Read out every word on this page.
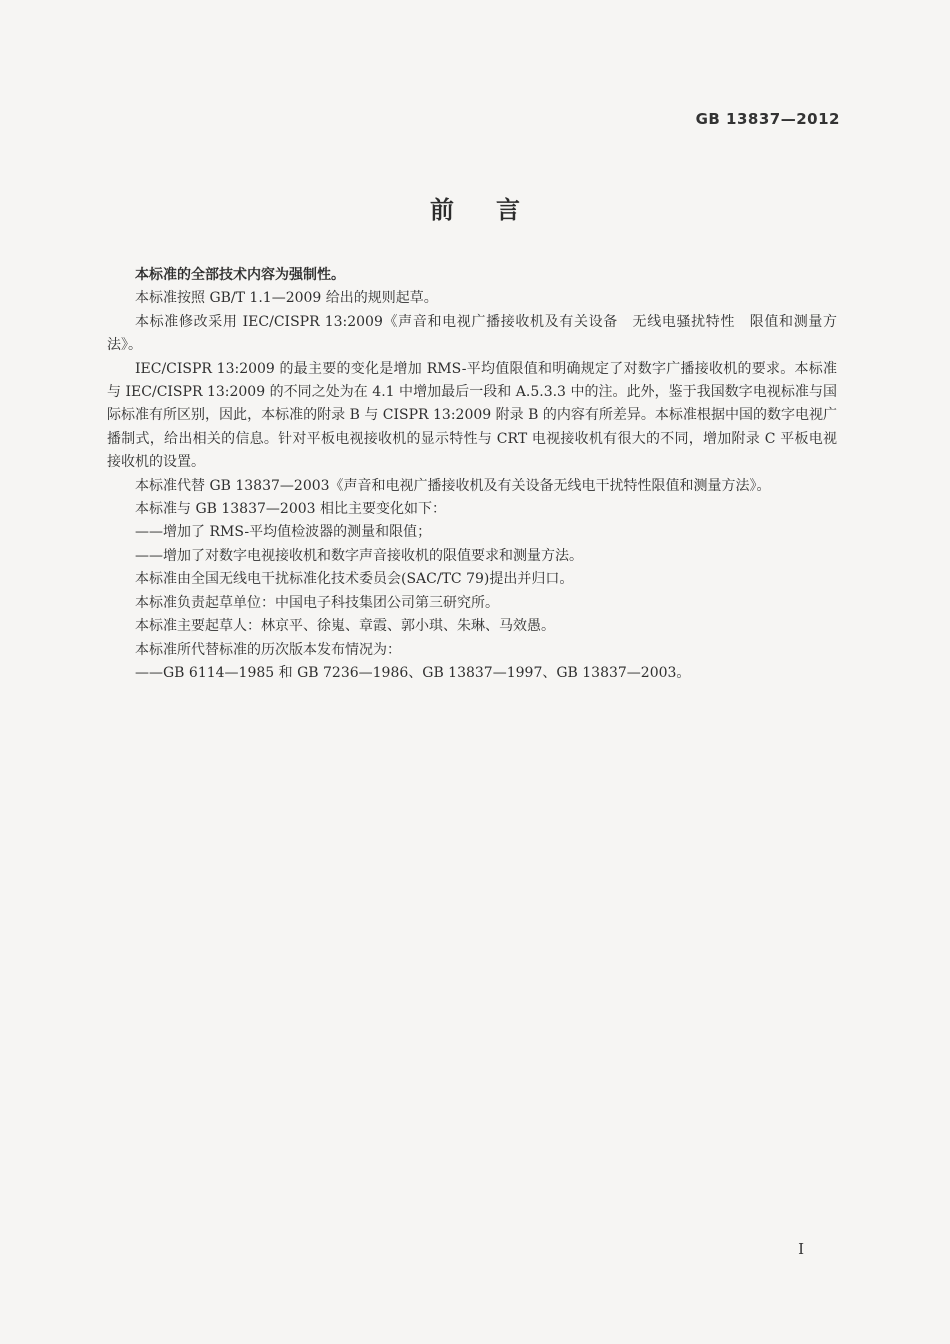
GB 13837—2012
前言

本标准的全部技术内容为强制性。

本标准按照 GB/T 1.1—2009 给出的规则起草。

本标准修改采用 IEC/CISPR 13:2009《声音和电视广播接收机及有关设备　无线电骚扰特性　限值和测量方法》。

IEC/CISPR 13:2009 的最主要的变化是增加 RMS-平均值限值和明确规定了对数字广播接收机的要求。本标准与 IEC/CISPR 13:2009 的不同之处为在 4.1 中增加最后一段和 A.5.3.3 中的注。此外，鉴于我国数字电视标准与国际标准有所区别，因此，本标准的附录 B 与 CISPR 13:2009 附录 B 的内容有所差异。本标准根据中国的数字电视广播制式，给出相关的信息。针对平板电视接收机的显示特性与 CRT 电视接收机有很大的不同，增加附录 C 平板电视接收机的设置。

本标准代替 GB 13837—2003《声音和电视广播接收机及有关设备无线电干扰特性限值和测量方法》。

本标准与 GB 13837—2003 相比主要变化如下：

——增加了 RMS-平均值检波器的测量和限值；

——增加了对数字电视接收机和数字声音接收机的限值要求和测量方法。

本标准由全国无线电干扰标准化技术委员会(SAC/TC 79)提出并归口。

本标准负责起草单位：中国电子科技集团公司第三研究所。

本标准主要起草人：林京平、徐嵬、章霞、郭小琪、朱琳、马效愚。

本标准所代替标准的历次版本发布情况为：

——GB 6114—1985 和 GB 7236—1986、GB 13837—1997、GB 13837—2003。

I
